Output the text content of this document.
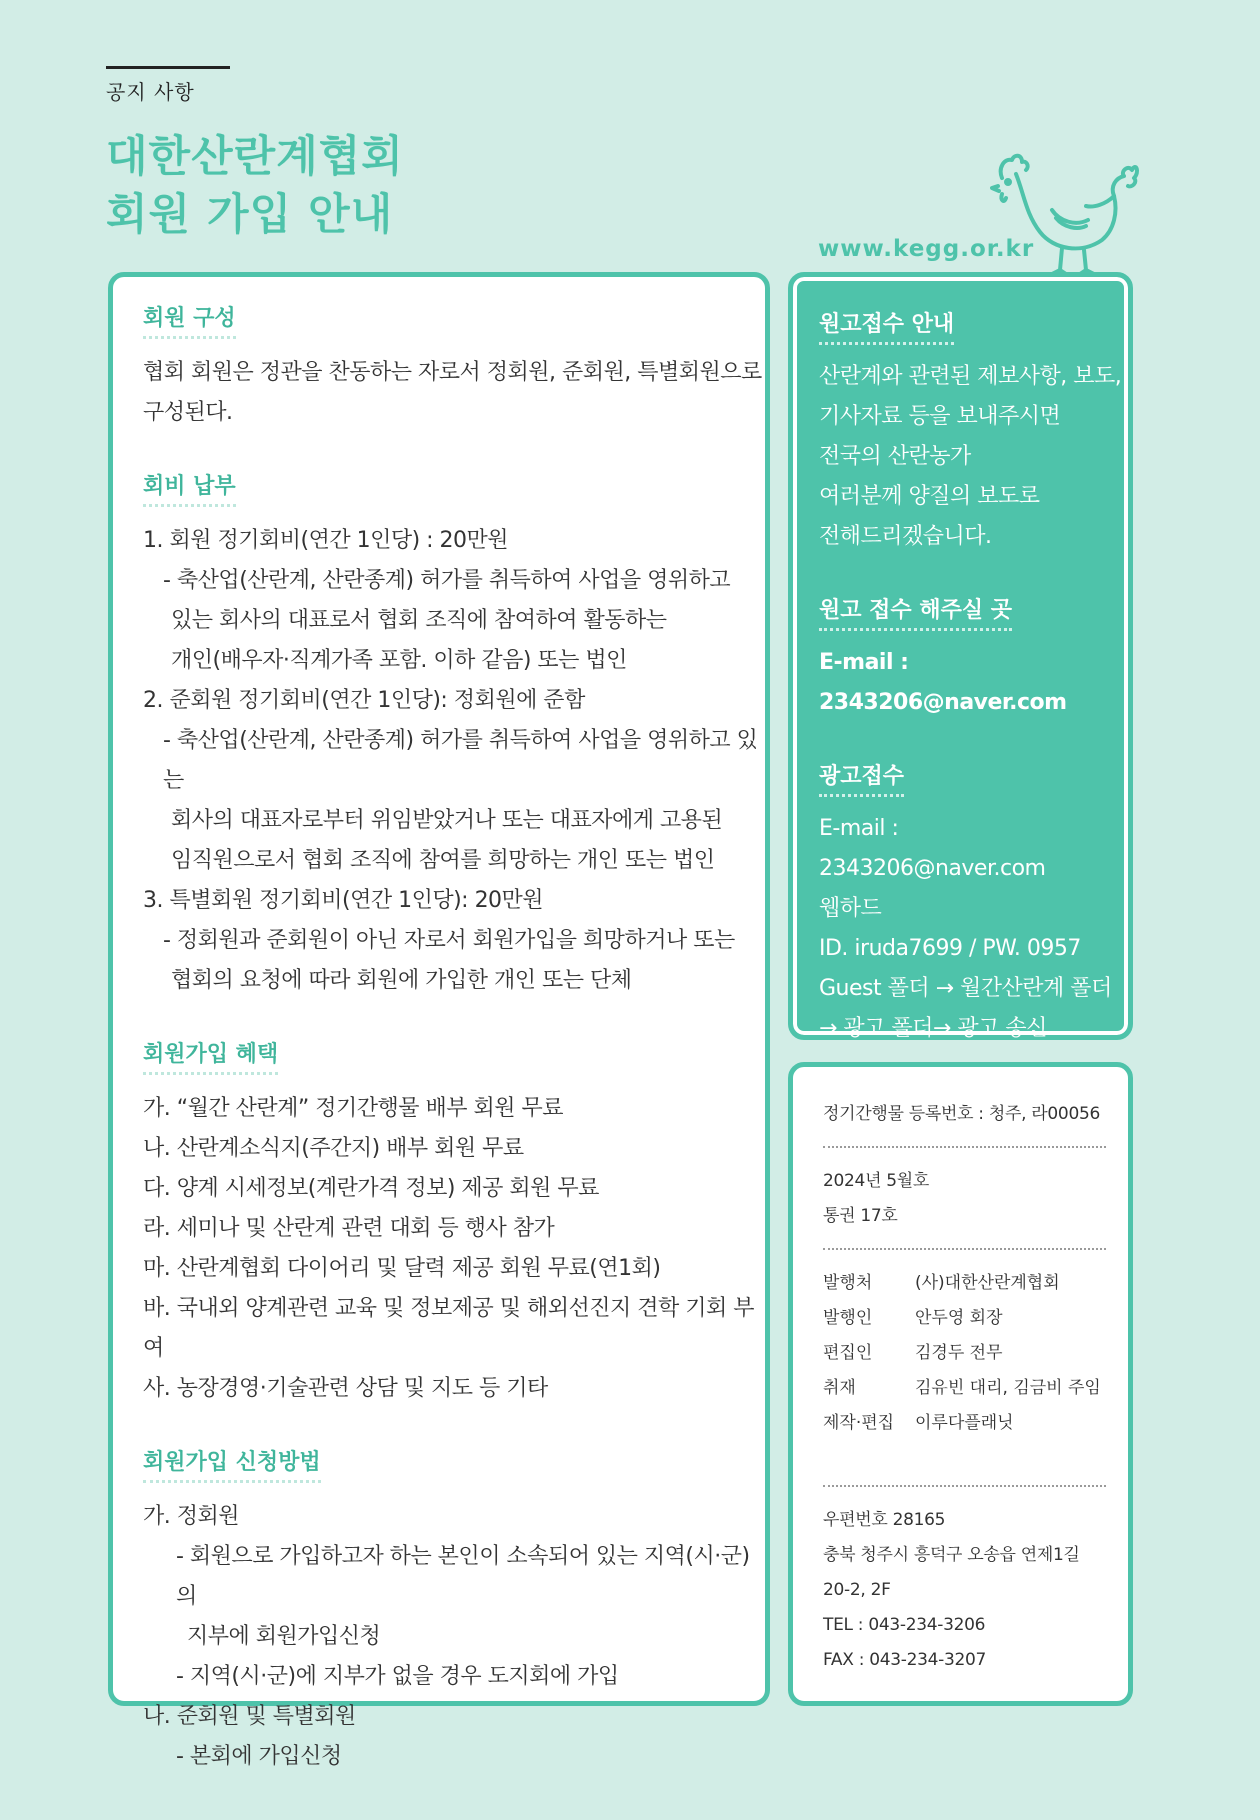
공지 사항
대한산란계협회
회원 가입 안내
www.kegg.or.kr
회원 구성
협회 회원은 정관을 찬동하는 자로서 정회원, 준회원, 특별회원으로
구성된다.
회비 납부
1. 회원 정기회비(연간 1인당) : 20만원
- 축산업(산란계, 산란종계) 허가를 취득하여 사업을 영위하고
있는 회사의 대표로서 협회 조직에 참여하여 활동하는
개인(배우자·직계가족 포함. 이하 같음) 또는 법인
2. 준회원 정기회비(연간 1인당): 정회원에 준함
- 축산업(산란계, 산란종계) 허가를 취득하여 사업을 영위하고 있는
회사의 대표자로부터 위임받았거나 또는 대표자에게 고용된
임직원으로서 협회 조직에 참여를 희망하는 개인 또는 법인
3. 특별회원 정기회비(연간 1인당): 20만원
- 정회원과 준회원이 아닌 자로서 회원가입을 희망하거나 또는
협회의 요청에 따라 회원에 가입한 개인 또는 단체
회원가입 혜택
가. “월간 산란계” 정기간행물 배부 회원 무료
나. 산란계소식지(주간지) 배부 회원 무료
다. 양계 시세정보(계란가격 정보) 제공 회원 무료
라. 세미나 및 산란계 관련 대회 등 행사 참가
마. 산란계협회 다이어리 및 달력 제공 회원 무료(연1회)
바. 국내외 양계관련 교육 및 정보제공 및 해외선진지 견학 기회 부여
사. 농장경영·기술관련 상담 및 지도 등 기타
회원가입 신청방법
가. 정회원
- 회원으로 가입하고자 하는 본인이 소속되어 있는 지역(시·군)의
지부에 회원가입신청
- 지역(시·군)에 지부가 없을 경우 도지회에 가입
나. 준회원 및 특별회원
- 본회에 가입신청
원고접수 안내
산란계와 관련된 제보사항, 보도,
기사자료 등을 보내주시면
전국의 산란농가
여러분께 양질의 보도로
전해드리겠습니다.
원고 접수 해주실 곳
E-mail : 2343206@naver.com
광고접수
E-mail : 2343206@naver.com
웹하드
ID. iruda7699 / PW. 0957
Guest 폴더 → 월간산란계 폴더
→ 광고 폴더→ 광고 송신
정기간행물 등록번호 : 청주, 라00056
2024년 5월호
통권 17호
발행처	(사)대한산란계협회
발행인	안두영 회장
편집인	김경두 전무
취재	김유빈 대리, 김금비 주임
제작·편집	이루다플래닛
우편번호 28165
충북 청주시 흥덕구 오송읍 연제1길
20-2, 2F
TEL : 043-234-3206
FAX : 043-234-3207
